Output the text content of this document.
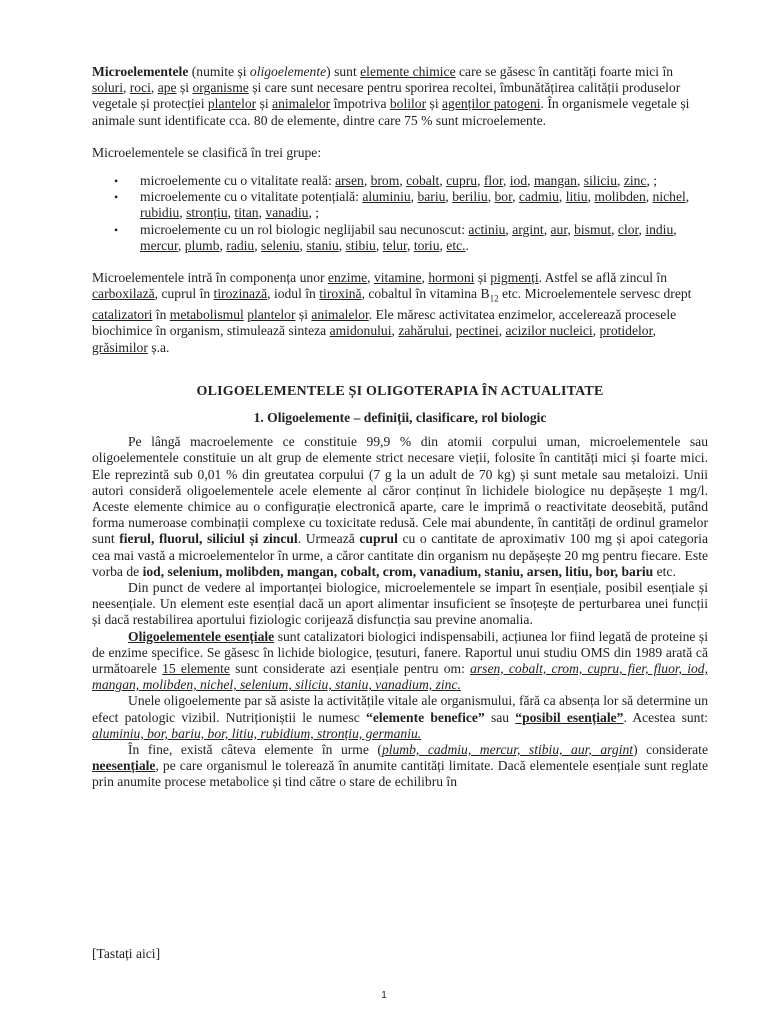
Microelementele (numite și oligoelemente) sunt elemente chimice care se găsesc în cantități foarte mici în soluri, roci, ape și organisme și care sunt necesare pentru sporirea recoltei, îmbunătățirea calității produselor vegetale și protecției plantelor și animalelor împotriva bolilor și agenților patogeni. În organismele vegetale și animale sunt identificate cca. 80 de elemente, dintre care 75 % sunt microelemente.

Microelementele se clasifică în trei grupe:

• microelemente cu o vitalitate reală: arsen, brom, cobalt, cupru, flor, iod, mangan, siliciu, zinc, ;
• microelemente cu o vitalitate potențială: aluminiu, bariu, beriliu, bor, cadmiu, litiu, molibden, nichel, rubidiu, stronțiu, titan, vanadiu, ;
• microelemente cu un rol biologic neglijabil sau necunoscut: actiniu, argint, aur, bismut, clor, indiu, mercur, plumb, radiu, seleniu, staniu, stibiu, telur, toriu, etc..

Microelementele intră în componența unor enzime, vitamine, hormoni și pigmenți. Astfel se află zincul în carboxilază, cuprul în tirozinază, iodul în tiroxină, cobaltul în vitamina $B_{12}$ etc. Microelementele servesc drept catalizatori în metabolismul plantelor și animalelor. Ele măresc activitatea enzimelor, accelerează procesele biochimice în organism, stimulează sinteza amidonului, zahărului, pectinei, acizilor nucleici, protidelor, grăsimilor ș.a.

OLIGOELEMENTELE ȘI OLIGOTERAPIA ÎN ACTUALITATE
1. Oligoelemente – definiții, clasificare, rol biologic

Pe lângă macroelemente ce constituie 99,9 % din atomii corpului uman, microelementele sau oligoelementele constituie un alt grup de elemente strict necesare vieții, folosite în cantități mici și foarte mici. Ele reprezintă sub 0,01 % din greutatea corpului (7 g la un adult de 70 kg) și sunt metale sau metaloizi. Unii autori consideră oligoelementele acele elemente al căror conținut în lichidele biologice nu depășește 1 mg/l. Aceste elemente chimice au o configurație electronică aparte, care le imprimă o reactivitate deosebită, putând forma numeroase combinații complexe cu toxicitate redusă. Cele mai abundente, în cantități de ordinul gramelor sunt fierul, fluorul, siliciul și zincul. Urmează cuprul cu o cantitate de aproximativ 100 mg și apoi categoria cea mai vastă a microelementelor în urme, a căror cantitate din organism nu depășește 20 mg pentru fiecare. Este vorba de iod, selenium, molibden, mangan, cobalt, crom, vanadium, staniu, arsen, litiu, bor, bariu etc.

Din punct de vedere al importanței biologice, microelementele se impart în esențiale, posibil esențiale și neesențiale. Un element este esențial dacă un aport alimentar insuficient se însoțește de perturbarea unei funcții și dacă restabilirea aportului fiziologic corijează disfuncția sau previne anomalia.

Oligoelementele esențiale sunt catalizatori biologici indispensabili, acțiunea lor fiind legată de proteine și de enzime specifice. Se găsesc în lichide biologice, țesuturi, fanere. Raportul unui studiu OMS din 1989 arată că următoarele 15 elemente sunt considerate azi esențiale pentru om: arsen, cobalt, crom, cupru, fier, fluor, iod, mangan, molibden, nichel, selenium, siliciu, staniu, vanadium, zinc.

Unele oligoelemente par să asiste la activitățile vitale ale organismului, fără ca absența lor să determine un efect patologic vizibil. Nutriționiștii le numesc “elemente benefice” sau “posibil esențiale”. Acestea sunt: aluminiu, bor, bariu, bor, litiu, rubidium, stronțiu, germaniu.

În fine, există câteva elemente în urme (plumb, cadmiu, mercur, stibiu, aur, argint) considerate neesențiale, pe care organismul le tolerează în anumite cantități limitate. Dacă elementele esențiale sunt reglate prin anumite procese metabolice și tind către o stare de echilibru în

[Tastați aici]
1
